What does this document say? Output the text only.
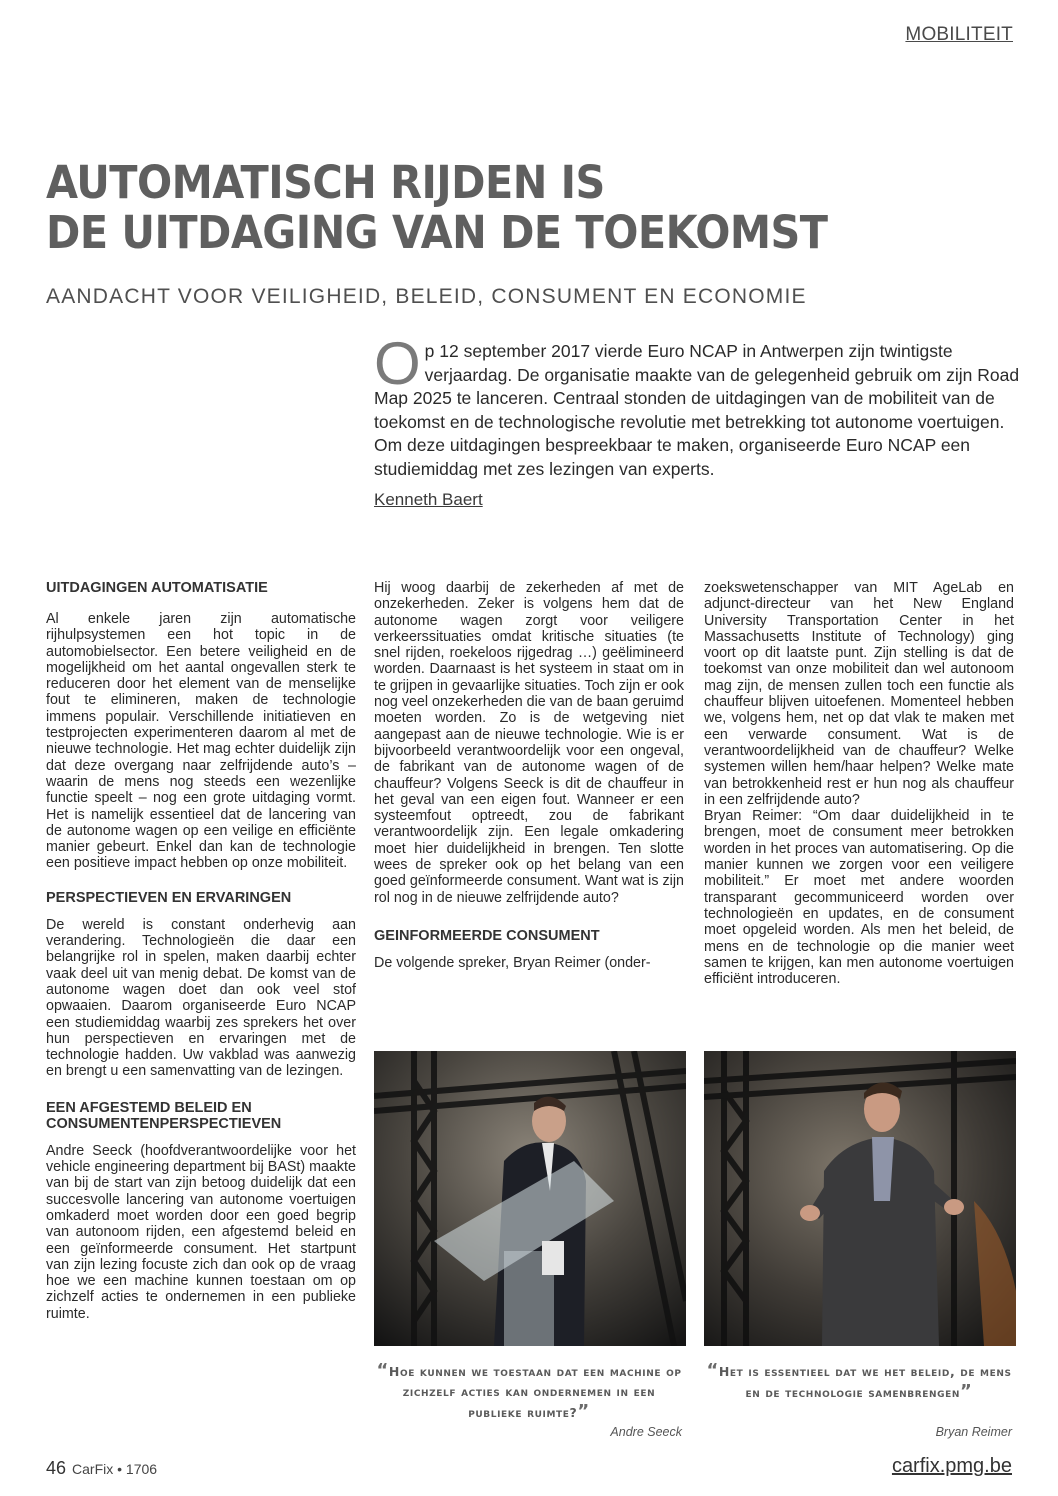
MOBILITEIT
AUTOMATISCH RIJDEN IS
DE UITDAGING VAN DE TOEKOMST
AANDACHT VOOR VEILIGHEID, BELEID, CONSUMENT EN ECONOMIE
Op 12 september 2017 vierde Euro NCAP in Antwerpen zijn twintigste verjaardag. De organisatie maakte van de gelegenheid gebruik om zijn Road Map 2025 te lanceren. Centraal stonden de uitdagingen van de mobiliteit van de toekomst en de technologische revolutie met betrekking tot autonome voertuigen. Om deze uitdagingen bespreekbaar te maken, organiseerde Euro NCAP een studiemiddag met zes lezingen van experts.
Kenneth Baert
UITDAGINGEN AUTOMATISATIE

Al enkele jaren zijn automatische rijhulpsystemen een hot topic in de automobielsector. Een betere veiligheid en de mogelijkheid om het aantal ongevallen sterk te reduceren door het element van de menselijke fout te elimineren, maken de technologie immens populair. Verschillende initiatieven en testprojecten experimenteren daarom al met de nieuwe technologie. Het mag echter duidelijk zijn dat deze overgang naar zelfrijdende auto’s – waarin de mens nog steeds een wezenlijke functie speelt – nog een grote uitdaging vormt. Het is namelijk essentieel dat de lancering van de autonome wagen op een veilige en efficiënte manier gebeurt. Enkel dan kan de technologie een positieve impact hebben op onze mobiliteit.

PERSPECTIEVEN EN ERVARINGEN

De wereld is constant onderhevig aan verandering. Technologieën die daar een belangrijke rol in spelen, maken daarbij echter vaak deel uit van menig debat. De komst van de autonome wagen doet dan ook veel stof opwaaien. Daarom organiseerde Euro NCAP een studiemiddag waarbij zes sprekers het over hun perspectieven en ervaringen met de technologie hadden. Uw vakblad was aanwezig en brengt u een samenvatting van de lezingen.

EEN AFGESTEMD BELEID EN
CONSUMENTENPERSPECTIEVEN

Andre Seeck (hoofdverantwoordelijke voor het vehicle engineering department bij BASt) maakte van bij de start van zijn betoog duidelijk dat een succesvolle lancering van autonome voertuigen omkaderd moet worden door een goed begrip van autonoom rijden, een afgestemd beleid en een geïnformeerde consument. Het startpunt van zijn lezing focuste zich dan ook op de vraag hoe we een machine kunnen toestaan om op zichzelf acties te ondernemen in een publieke ruimte.

Hij woog daarbij de zekerheden af met de onzekerheden. Zeker is volgens hem dat de autonome wagen zorgt voor veiligere verkeerssituaties omdat kritische situaties (te snel rijden, roekeloos rijgedrag …) geëlimineerd worden. Daarnaast is het systeem in staat om in te grijpen in gevaarlijke situaties. Toch zijn er ook nog veel onzekerheden die van de baan geruimd moeten worden. Zo is de wetgeving niet aangepast aan de nieuwe technologie. Wie is er bijvoorbeeld verantwoordelijk voor een ongeval, de fabrikant van de autonome wagen of de chauffeur? Volgens Seeck is dit de chauffeur in het geval van een eigen fout. Wanneer er een systeemfout optreedt, zou de fabrikant verantwoordelijk zijn. Een legale omkadering moet hier duidelijkheid in brengen. Ten slotte wees de spreker ook op het belang van een goed geïnformeerde consument. Want wat is zijn rol nog in de nieuwe zelfrijdende auto?

GEINFORMEERDE CONSUMENT

De volgende spreker, Bryan Reimer (onder-

zoekswetenschapper van MIT AgeLab en adjunct-directeur van het New England University Transportation Center in het Massachusetts Institute of Technology) ging voort op dit laatste punt. Zijn stelling is dat de toekomst van onze mobiliteit dan wel autonoom mag zijn, de mensen zullen toch een functie als chauffeur blijven uitoefenen. Momenteel hebben we, volgens hem, net op dat vlak te maken met een verwarde consument. Wat is de verantwoordelijkheid van de chauffeur? Welke systemen willen hem/haar helpen? Welke mate van betrokkenheid rest er hun nog als chauffeur in een zelfrijdende auto?

Bryan Reimer: “Om daar duidelijkheid in te brengen, moet de consument meer betrokken worden in het proces van automatisering. Op die manier kunnen we zorgen voor een veiligere mobiliteit.” Er moet met andere woorden transparant gecommuniceerd worden over technologieën en updates, en de consument moet opgeleid worden. Als men het beleid, de mens en de technologie op die manier weet samen te krijgen, kan men autonome voertuigen efficiënt introduceren.

“Hoe kunnen we toestaan dat een machine op zichzelf acties kan ondernemen in een publieke ruimte?”
Andre Seeck
“Het is essentieel dat we het beleid, de mens en de technologie samenbrengen”
Bryan Reimer
46 CarFix • 1706	carfix.pmg.be
